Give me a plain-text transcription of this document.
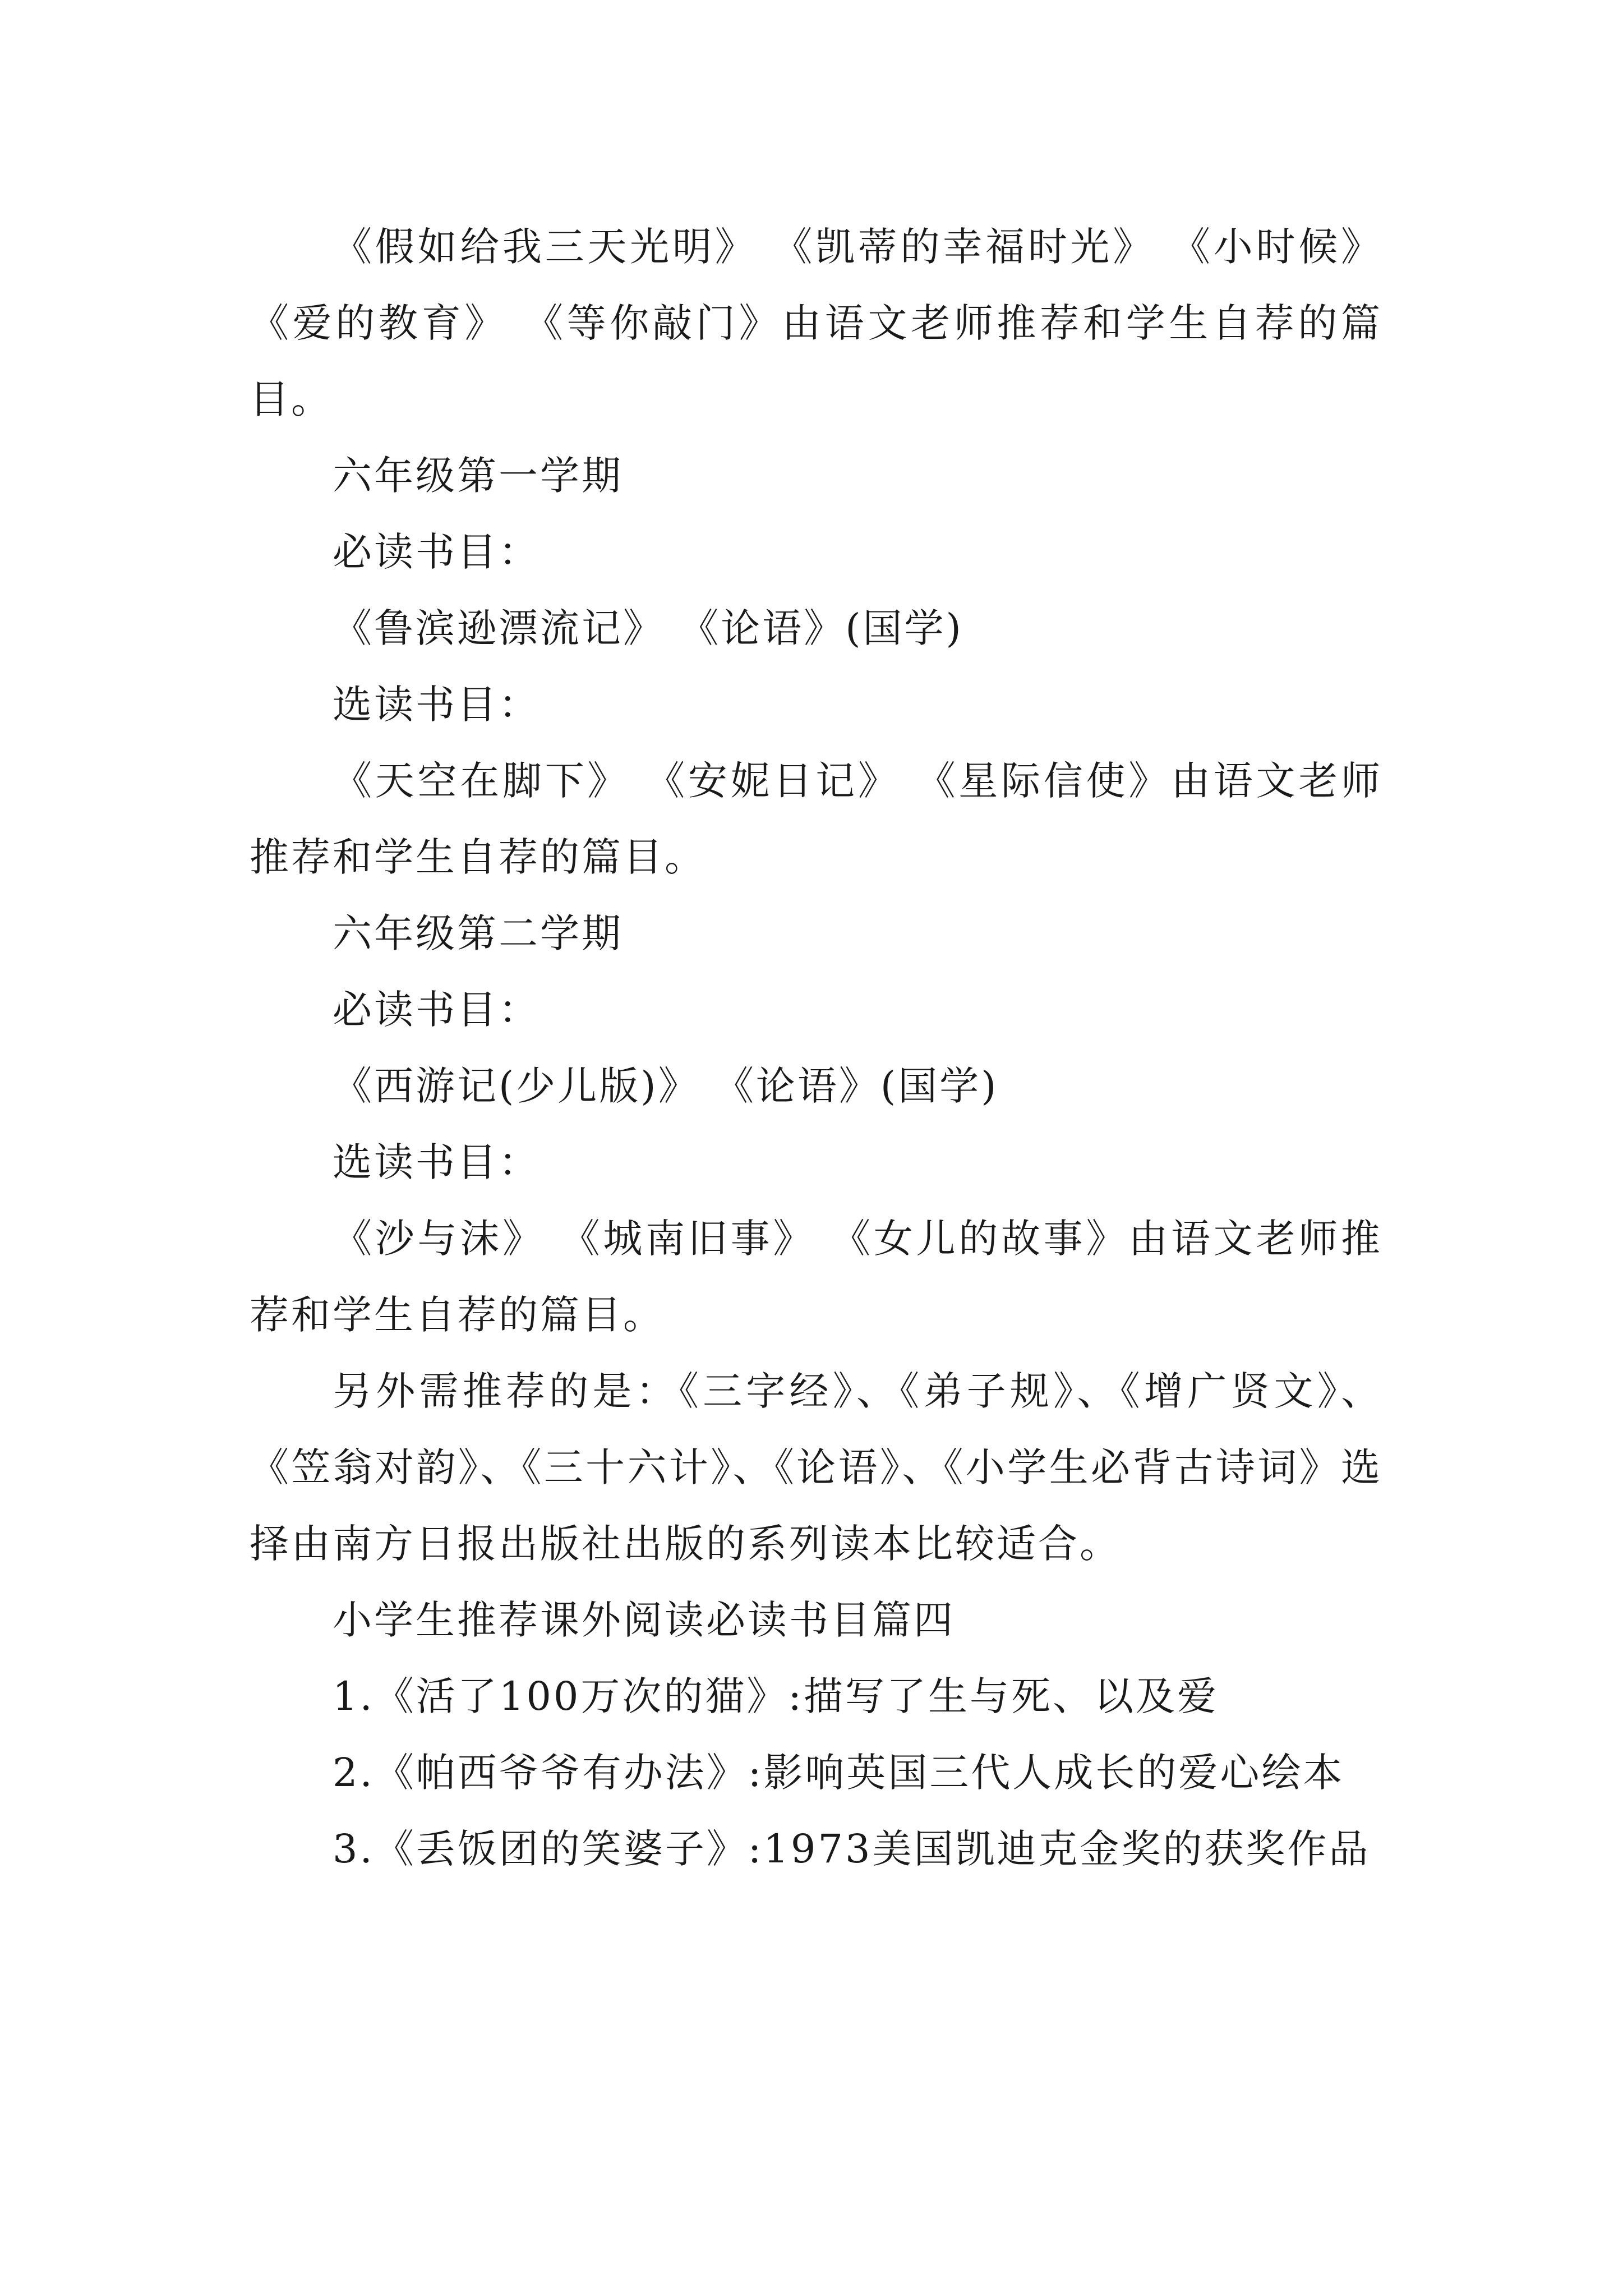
《假如给我三天光明》 《凯蒂的幸福时光》 《小时候》《爱的教育》 《等你敲门》由语文老师推荐和学生自荐的篇目。

六年级第一学期

必读书目：

《鲁滨逊漂流记》 《论语》(国学)

选读书目：

《天空在脚下》 《安妮日记》 《星际信使》由语文老师推荐和学生自荐的篇目。

六年级第二学期

必读书目：

《西游记(少儿版)》 《论语》(国学)

选读书目：

《沙与沫》 《城南旧事》 《女儿的故事》由语文老师推荐和学生自荐的篇目。

另外需推荐的是：《三字经》、《弟子规》、《增广贤文》、《笠翁对韵》、《三十六计》、《论语》、《小学生必背古诗词》选择由南方日报出版社出版的系列读本比较适合。

小学生推荐课外阅读必读书目篇四

1.《活了100万次的猫》:描写了生与死、以及爱

2.《帕西爷爷有办法》:影响英国三代人成长的爱心绘本

3.《丢饭团的笑婆子》:1973美国凯迪克金奖的获奖作品
